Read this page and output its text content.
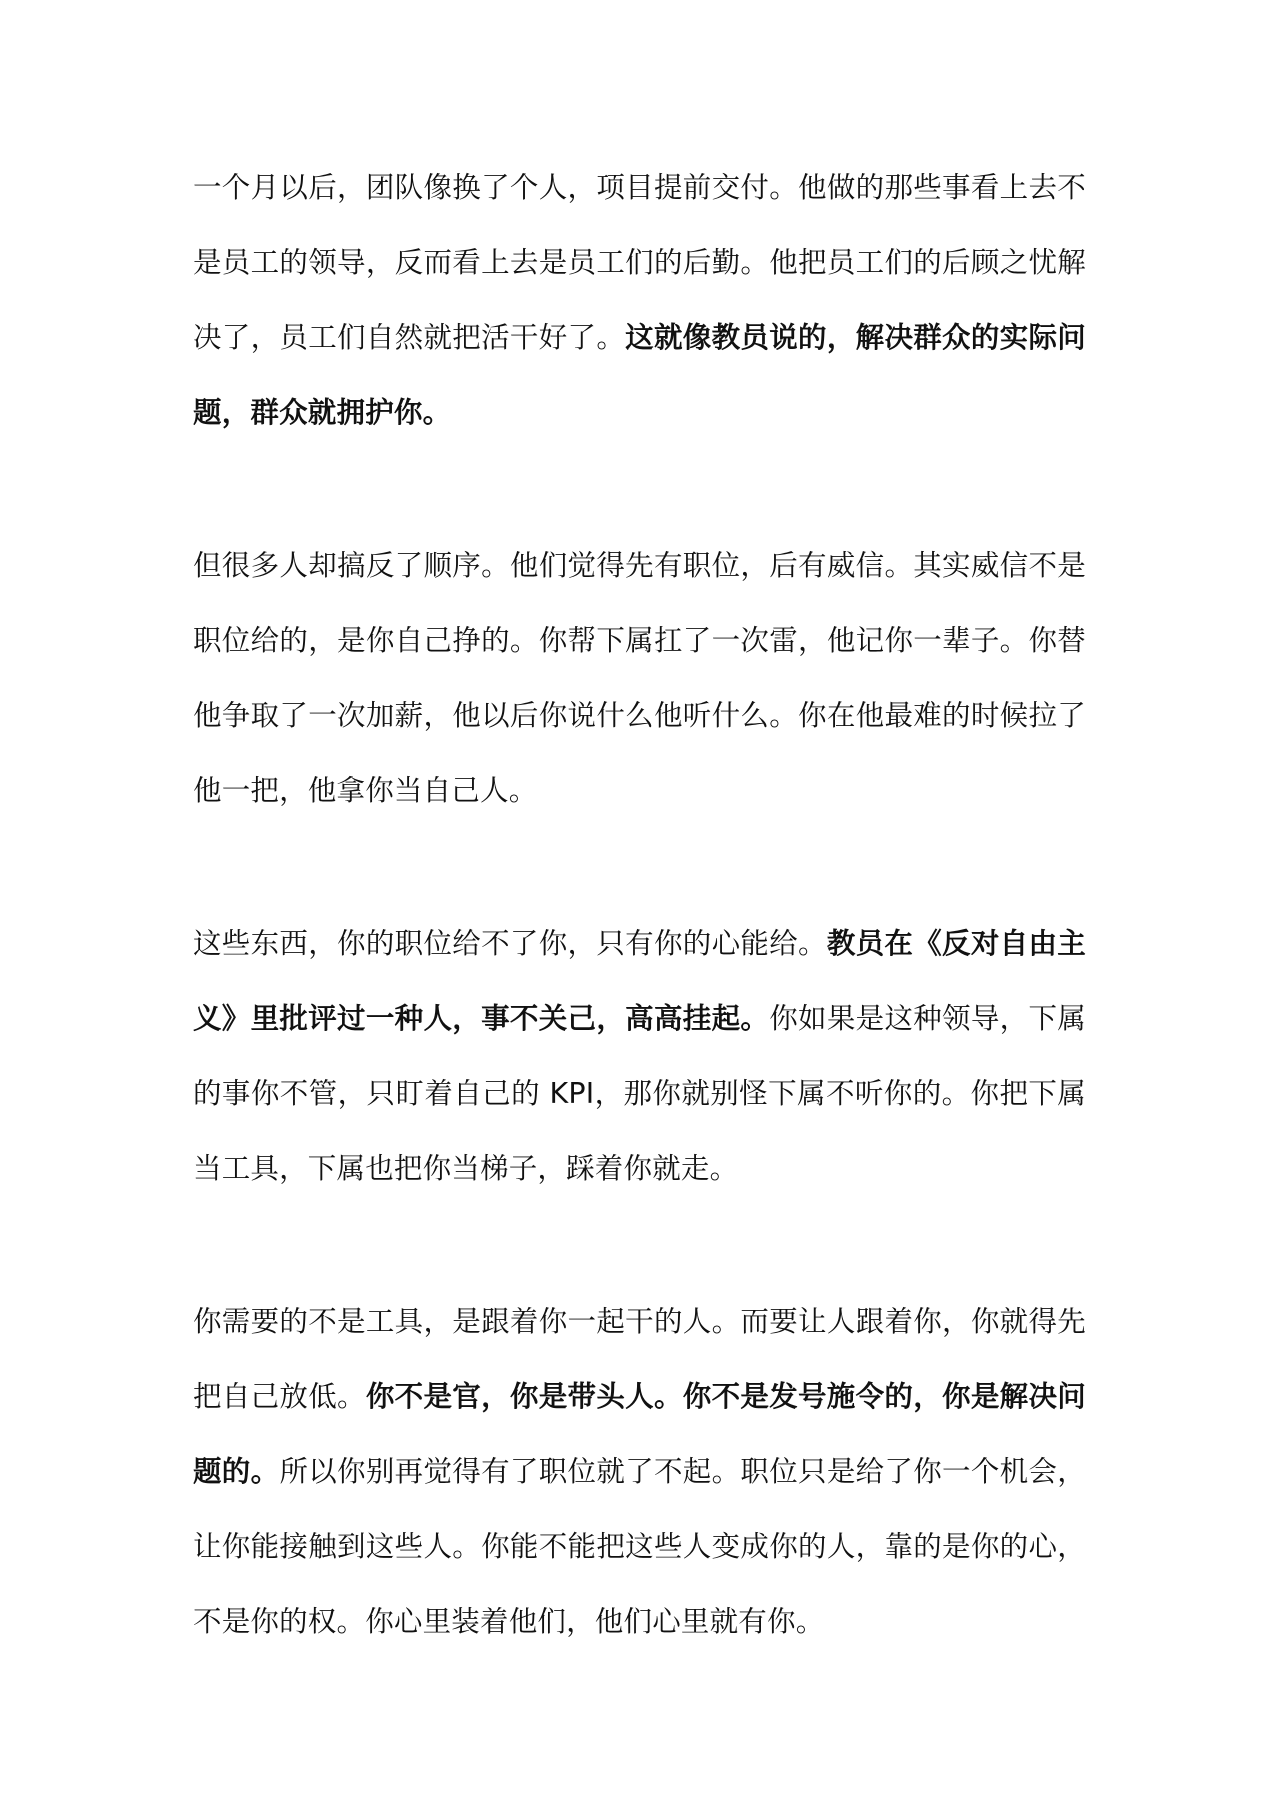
一个月以后，团队像换了个人，项目提前交付。他做的那些事看上去不是员工的领导，反而看上去是员工们的后勤。他把员工们的后顾之忧解决了，员工们自然就把活干好了。这就像教员说的，解决群众的实际问题，群众就拥护你。

但很多人却搞反了顺序。他们觉得先有职位，后有威信。其实威信不是职位给的，是你自己挣的。你帮下属扛了一次雷，他记你一辈子。你替他争取了一次加薪，他以后你说什么他听什么。你在他最难的时候拉了他一把，他拿你当自己人。

这些东西，你的职位给不了你，只有你的心能给。教员在《反对自由主义》里批评过一种人，事不关己，高高挂起。你如果是这种领导，下属的事你不管，只盯着自己的 KPI，那你就别怪下属不听你的。你把下属当工具，下属也把你当梯子，踩着你就走。

你需要的不是工具，是跟着你一起干的人。而要让人跟着你，你就得先把自己放低。你不是官，你是带头人。你不是发号施令的，你是解决问题的。所以你别再觉得有了职位就了不起。职位只是给了你一个机会，让你能接触到这些人。你能不能把这些人变成你的人，靠的是你的心，不是你的权。你心里装着他们，他们心里就有你。
